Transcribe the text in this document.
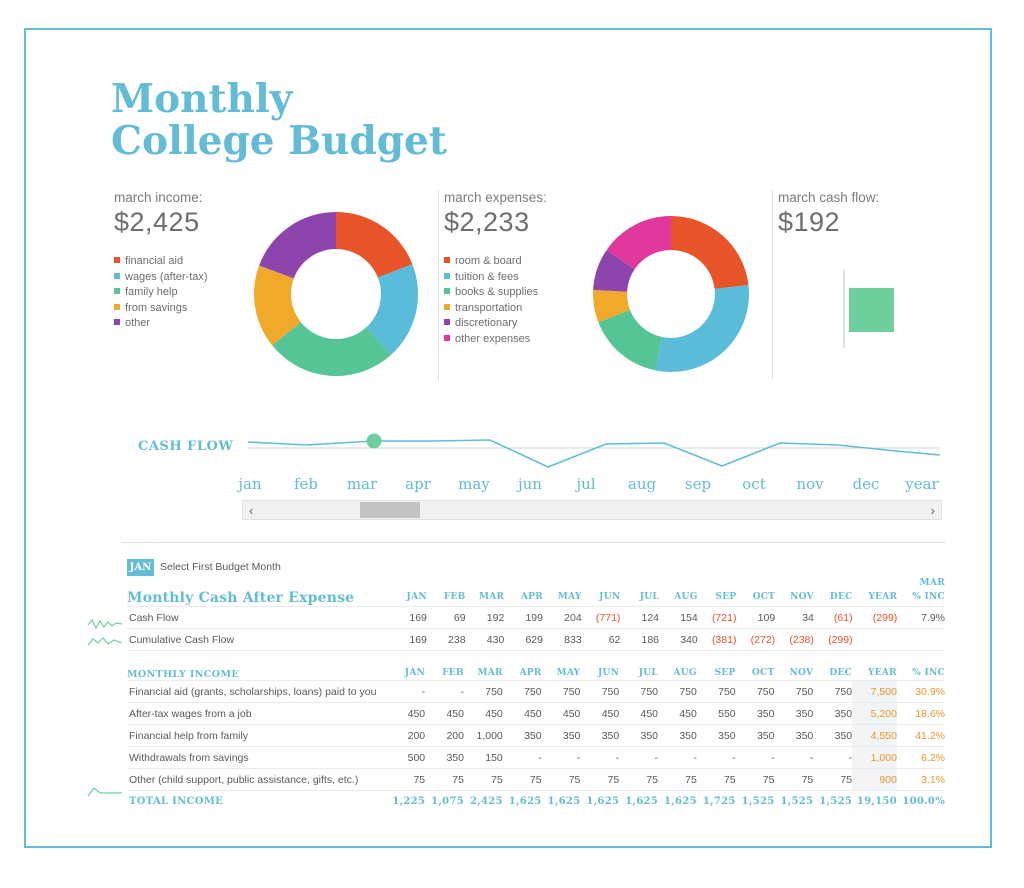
Monthly
College Budget
march income:
$2,425
financial aid
wages (after-tax)
family help
from savings
other
march expenses:
$2,233
room & board
tuition & fees
books & supplies
transportation
discretionary
other expenses
march cash flow:
$192
CASH FLOW
jan feb mar apr may jun jul aug sep oct nov dec year
‹	›
JAN Select First Budget Month
														MAR
Monthly Cash After Expense	JAN	FEB	MAR	APR	MAY	JUN	JUL	AUG	SEP	OCT	NOV	DEC	YEAR	% INC
Cash Flow	169	69	192	199	204	(771)	124	154	(721)	109	34	(61)	(299)	7.9%
Cumulative Cash Flow	169	238	430	629	833	62	186	340	(381)	(272)	(238)	(299)		
MONTHLY INCOME	JAN	FEB	MAR	APR	MAY	JUN	JUL	AUG	SEP	OCT	NOV	DEC	YEAR	% INC
Financial aid (grants, scholarships, loans) paid to you	-	-	750	750	750	750	750	750	750	750	750	750	7,500	30.9%
After-tax wages from a job	450	450	450	450	450	450	450	450	550	350	350	350	5,200	18.6%
Financial help from family	200	200	1,000	350	350	350	350	350	350	350	350	350	4,550	41.2%
Withdrawals from savings	500	350	150	-	-	-	-	-	-	-	-	-	1,000	6.2%
Other (child support, public assistance, gifts, etc.)	75	75	75	75	75	75	75	75	75	75	75	75	900	3.1%
TOTAL INCOME	1,225	1,075	2,425	1,625	1,625	1,625	1,625	1,625	1,725	1,525	1,525	1,525	19,150	100.0%
